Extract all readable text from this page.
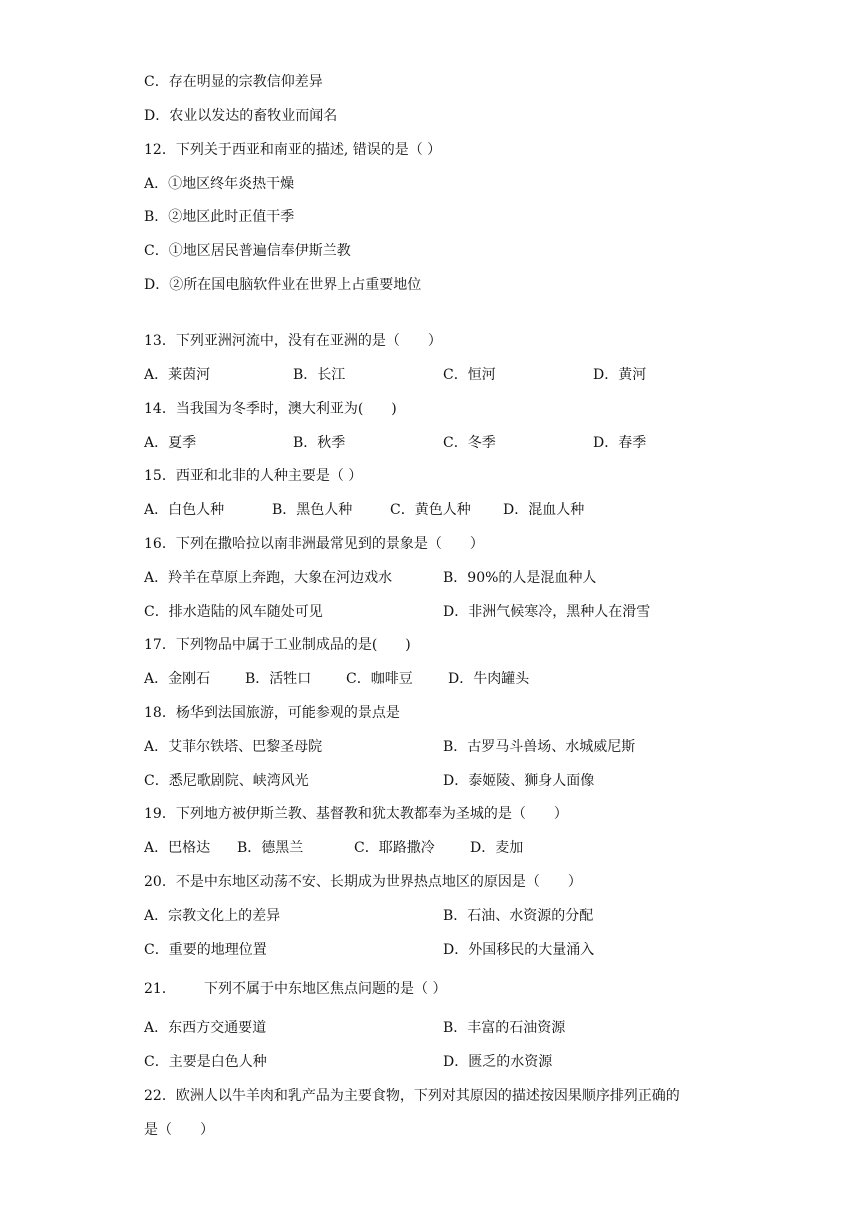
C．存在明显的宗教信仰差异
D．农业以发达的畜牧业而闻名
12．下列关于西亚和南亚的描述, 错误的是（ ）
A．①地区终年炎热干燥
B．②地区此时正值干季
C．①地区居民普遍信奉伊斯兰教
D．②所在国电脑软件业在世界上占重要地位
13．下列亚洲河流中，没有在亚洲的是（　　）
A．莱茵河	B．长江	C．恒河	D．黄河
14．当我国为冬季时，澳大利亚为(　　)
A．夏季	B．秋季	C．冬季	D．春季
15．西亚和北非的人种主要是（ ）
A．白色人种	B．黑色人种	C．黄色人种 D．混血人种
16．下列在撒哈拉以南非洲最常见到的景象是（　　）
A．羚羊在草原上奔跑，大象在河边戏水	B．90%的人是混血种人
C．排水造陆的风车随处可见	D．非洲气候寒冷，黑种人在滑雪
17．下列物品中属于工业制成品的是(　　)
A．金刚石 B．活牲口 C．咖啡豆	D．牛肉罐头
18．杨华到法国旅游，可能参观的景点是
A．艾菲尔铁塔、巴黎圣母院	B．古罗马斗兽场、水城威尼斯
C．悉尼歌剧院、峡湾风光	D．泰姬陵、狮身人面像
19．下列地方被伊斯兰教、基督教和犹太教都奉为圣城的是（　　）
A．巴格达 B．德黑兰	C．耶路撒冷	D．麦加
20．不是中东地区动荡不安、长期成为世界热点地区的原因是（　　）
A．宗教文化上的差异	B．石油、水资源的分配
C．重要的地理位置	D．外国移民的大量涌入
21． 下列不属于中东地区焦点问题的是（ ）
A．东西方交通要道	B．丰富的石油资源
C．主要是白色人种	D．匮乏的水资源
22．欧洲人以牛羊肉和乳产品为主要食物，下列对其原因的描述按因果顺序排列正确的
是（　　）
